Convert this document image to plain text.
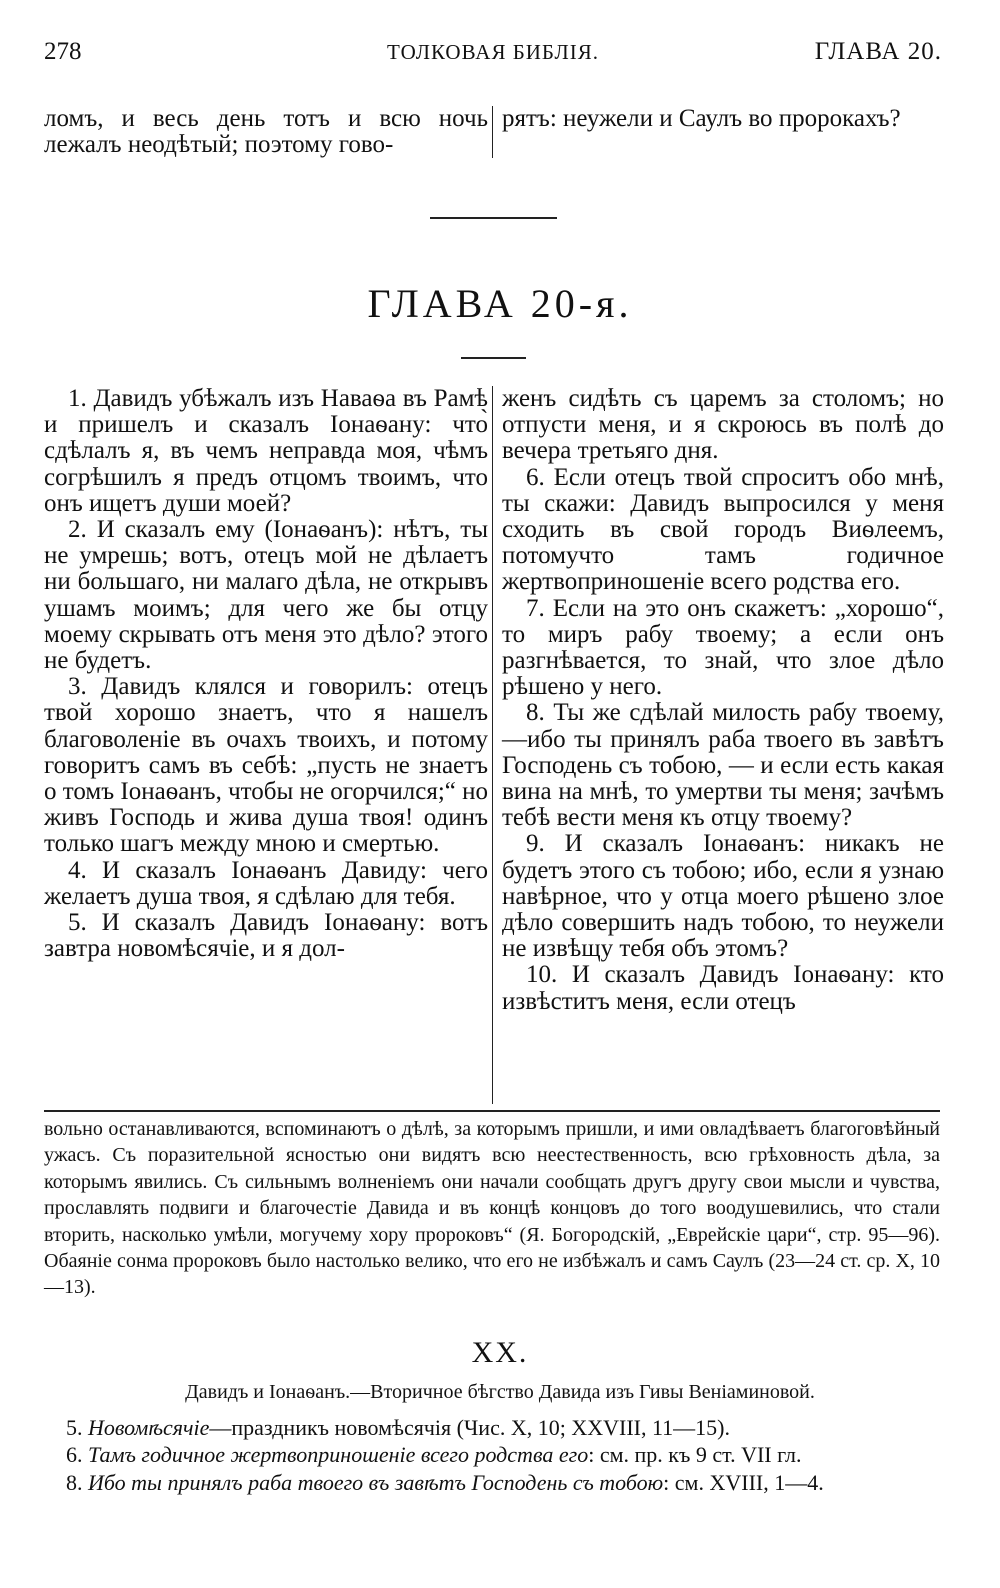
278	ТОЛКОВАЯ БИБЛІЯ.	ГЛАВА 20.

ломъ, и весь день тотъ и всю ночь лежалъ неодѣтый; поэтому гово-

рятъ: неужели и Саулъ во пророкахъ?

ГЛАВА 20-я.

1. Давидъ убѣжалъ изъ Наваѳа въ Рамѣ и пришелъ и сказалъ Іонаѳану: что̀ сдѣлалъ я, въ чемъ неправда моя, чѣмъ согрѣшилъ я предъ отцомъ твоимъ, что онъ ищетъ души моей?

2. И сказалъ ему (Іонаѳанъ): нѣтъ, ты не умрешь; вотъ, отецъ мой не дѣлаетъ ни большаго, ни малаго дѣла, не открывъ ушамъ моимъ; для чего же бы отцу моему скрывать отъ меня это дѣло? этого не будетъ.

3. Давидъ клялся и говорилъ: отецъ твой хорошо знаетъ, что я нашелъ благоволеніе въ очахъ твоихъ, и потому говоритъ самъ въ себѣ: „пусть не знаетъ о томъ Іонаѳанъ, чтобы не огорчился;“ но живъ Господь и жива душа твоя! одинъ только шагъ между мною и смертью.

4. И сказалъ Іонаѳанъ Давиду: чего желаетъ душа твоя, я сдѣлаю для тебя.

5. И сказалъ Давидъ Іонаѳану: вотъ завтра новомѣсячіе, и я дол-

женъ сидѣть съ царемъ за столомъ; но отпусти меня, и я скроюсь въ полѣ до вечера третьяго дня.

6. Если отецъ твой спроситъ обо мнѣ, ты скажи: Давидъ выпросился у меня сходить въ свой городъ Виѳлеемъ, потомучто тамъ годичное жертвоприношеніе всего родства его.

7. Если на это онъ скажетъ: „хорошо“, то миръ рабу твоему; а если онъ разгнѣвается, то знай, что злое дѣло рѣшено у него.

8. Ты же сдѣлай милость рабу твоему,—ибо ты принялъ раба твоего въ завѣтъ Господень съ тобою, — и если есть какая вина на мнѣ, то умертви ты меня; зачѣмъ тебѣ вести меня къ отцу твоему?

9. И сказалъ Іонаѳанъ: никакъ не будетъ этого съ тобою; ибо, если я узнаю навѣрное, что у отца моего рѣшено злое дѣло совершить надъ тобою, то неужели не извѣщу тебя объ этомъ?

10. И сказалъ Давидъ Іонаѳану: кто извѣститъ меня, если отецъ

вольно останавливаются, вспоминаютъ о дѣлѣ, за которымъ пришли, и ими овладѣваетъ благоговѣйный ужасъ. Съ поразительной ясностью они видятъ всю неестественность, всю грѣховность дѣла, за которымъ явились. Съ сильнымъ волненіемъ они начали сообщать другъ другу свои мысли и чувства, прославлять подвиги и благочестіе Давида и въ концѣ концовъ до того воодушевились, что стали вторить, насколько умѣли, могучему хору пророковъ“ (Я. Богородскій, „Еврейскіе цари“, стр. 95—96). Обаяніе сонма пророковъ было настолько велико, что его не избѣжалъ и самъ Саулъ (23—24 ст. ср. X, 10—13).

XX.
Давидъ и Іонаѳанъ.—Вторичное бѣгство Давида изъ Гивы Веніаминовой.

 5. Новомѣсячіе—праздникъ новомѣсячія (Чис. X, 10; XXVIII, 11—15).

 6. Тамъ годичное жертвоприношеніе всего родства его: см. пр. къ 9 ст. VII гл.

 8. Ибо ты принялъ раба твоего въ завѣтъ Господень съ тобою: см. XVIII, 1—4.
